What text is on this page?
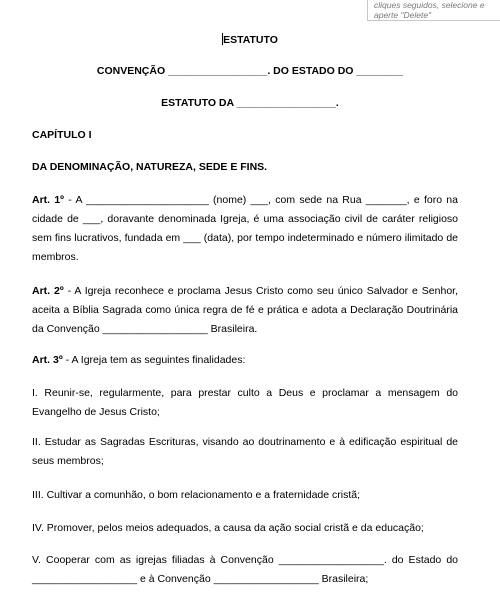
cliques seguidos, selecione e
aperte "Delete"
ESTATUTO
CONVENÇÃO _________________. DO ESTADO DO ________
ESTATUTO DA _________________.
CAPÍTULO I
DA DENOMINAÇÃO, NATUREZA, SEDE E FINS.
Art. 1º - A _____________________ (nome) ___, com sede na Rua _______, e foro na cidade de ___, doravante denominada Igreja, é uma associação civil de caráter religioso sem fins lucrativos, fundada em ___ (data), por tempo indeterminado e número ilimitado de membros.
Art. 2º - A Igreja reconhece e proclama Jesus Cristo como seu único Salvador e Senhor, aceita a Bíblia Sagrada como única regra de fé e prática e adota a Declaração Doutrinária da Convenção __________________ Brasileira.
Art. 3º - A Igreja tem as seguintes finalidades:
I. Reunir-se, regularmente, para prestar culto a Deus e proclamar a mensagem do Evangelho de Jesus Cristo;
II. Estudar as Sagradas Escrituras, visando ao doutrinamento e à edificação espiritual de seus membros;
III. Cultivar a comunhão, o bom relacionamento e a fraternidade cristã;
IV. Promover, pelos meios adequados, a causa da ação social cristã e da educação;
V. Cooperar com as igrejas filiadas à Convenção __________________. do Estado do __________________ e à Convenção __________________ Brasileira;
